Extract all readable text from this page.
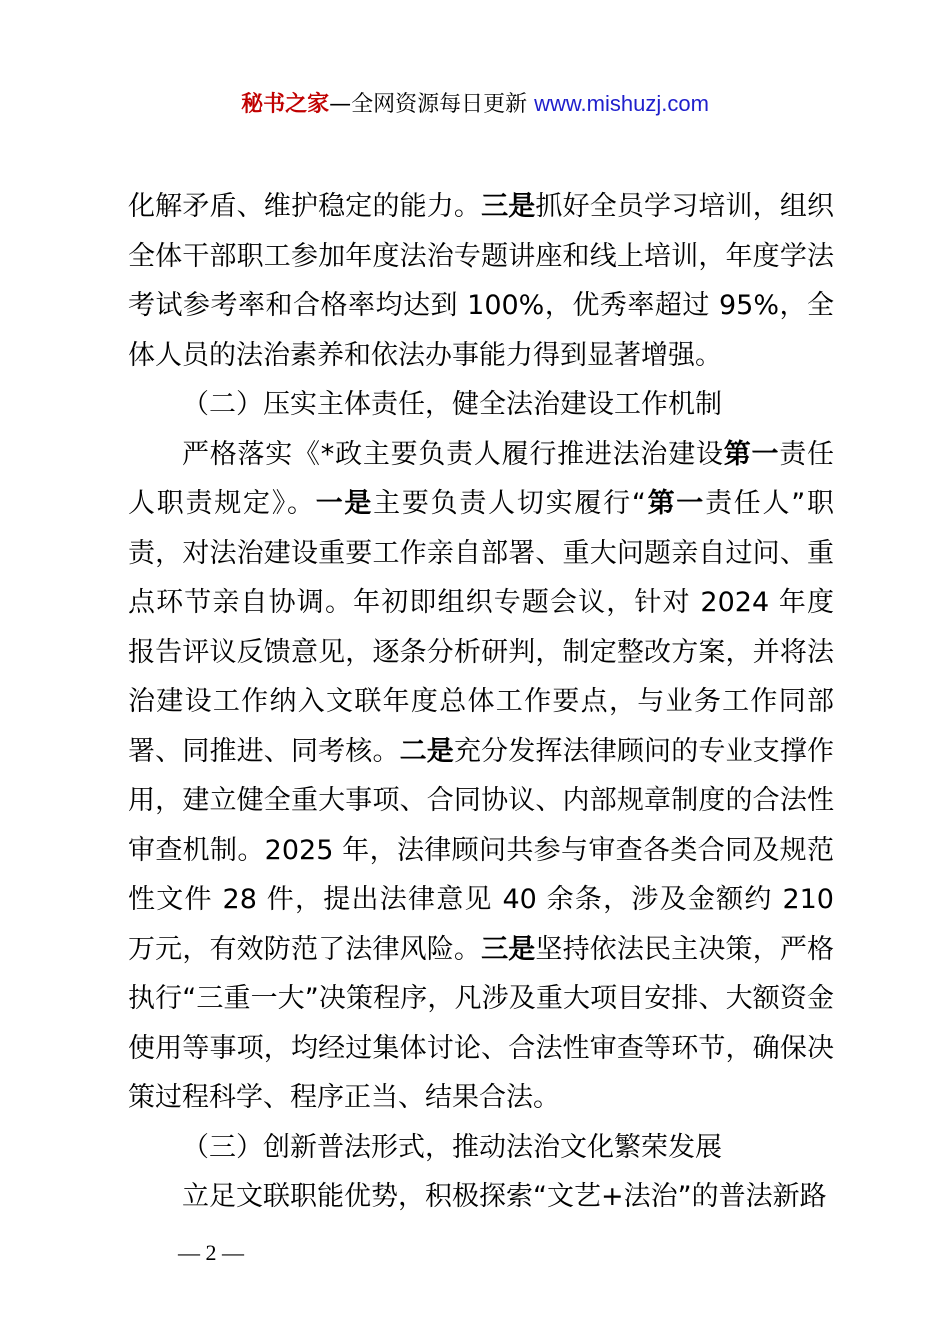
秘书之家—全网资源每日更新 www.mishuzj.com

化解矛盾、维护稳定的能力。三是抓好全员学习培训，组织全体干部职工参加年度法治专题讲座和线上培训，年度学法考试参考率和合格率均达到 100%，优秀率超过 95%，全体人员的法治素养和依法办事能力得到显著增强。

（二）压实主体责任，健全法治建设工作机制

严格落实《*政主要负责人履行推进法治建设第一责任人职责规定》。一是主要负责人切实履行“第一责任人”职责，对法治建设重要工作亲自部署、重大问题亲自过问、重点环节亲自协调。年初即组织专题会议，针对 2024 年度报告评议反馈意见，逐条分析研判，制定整改方案，并将法治建设工作纳入文联年度总体工作要点，与业务工作同部署、同推进、同考核。二是充分发挥法律顾问的专业支撑作用，建立健全重大事项、合同协议、内部规章制度的合法性审查机制。2025 年，法律顾问共参与审查各类合同及规范性文件 28 件，提出法律意见 40 余条，涉及金额约 210 万元，有效防范了法律风险。三是坚持依法民主决策，严格执行“三重一大”决策程序，凡涉及重大项目安排、大额资金使用等事项，均经过集体讨论、合法性审查等环节，确保决策过程科学、程序正当、结果合法。

（三）创新普法形式，推动法治文化繁荣发展

立足文联职能优势，积极探索“文艺+法治”的普法新路

— 2 —
